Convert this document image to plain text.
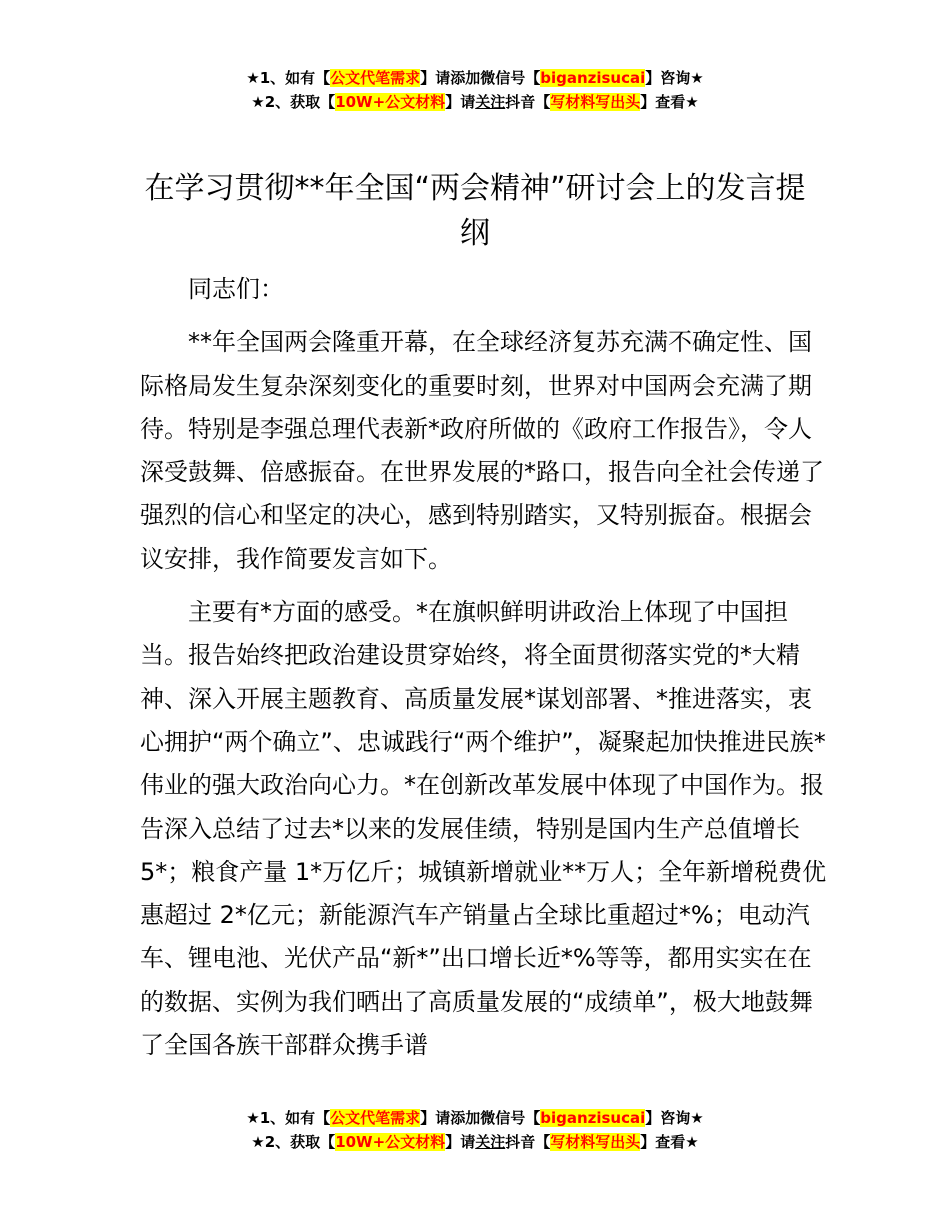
★1、如有【公文代笔需求】请添加微信号【biganzisucai】咨询★
★2、获取【10W+公文材料】请关注抖音【写材料写出头】查看★
在学习贯彻**年全国“两会精神”研讨会上的发言提纲

同志们：

**年全国两会隆重开幕，在全球经济复苏充满不确定性、国际格局发生复杂深刻变化的重要时刻，世界对中国两会充满了期待。特别是李强总理代表新*政府所做的《政府工作报告》，令人深受鼓舞、倍感振奋。在世界发展的*路口，报告向全社会传递了强烈的信心和坚定的决心，感到特别踏实，又特别振奋。根据会议安排，我作简要发言如下。

主要有*方面的感受。*在旗帜鲜明讲政治上体现了中国担当。报告始终把政治建设贯穿始终，将全面贯彻落实党的*大精神、深入开展主题教育、高质量发展*谋划部署、*推进落实，衷心拥护“两个确立”、忠诚践行“两个维护”，凝聚起加快推进民族*伟业的强大政治向心力。*在创新改革发展中体现了中国作为。报告深入总结了过去*以来的发展佳绩，特别是国内生产总值增长 5*；粮食产量 1*万亿斤；城镇新增就业**万人；全年新增税费优惠超过 2*亿元；新能源汽车产销量占全球比重超过*%；电动汽车、锂电池、光伏产品“新*”出口增长近*%等等，都用实实在在的数据、实例为我们晒出了高质量发展的“成绩单”，极大地鼓舞了全国各族干部群众携手谱

★1、如有【公文代笔需求】请添加微信号【biganzisucai】咨询★
★2、获取【10W+公文材料】请关注抖音【写材料写出头】查看★
